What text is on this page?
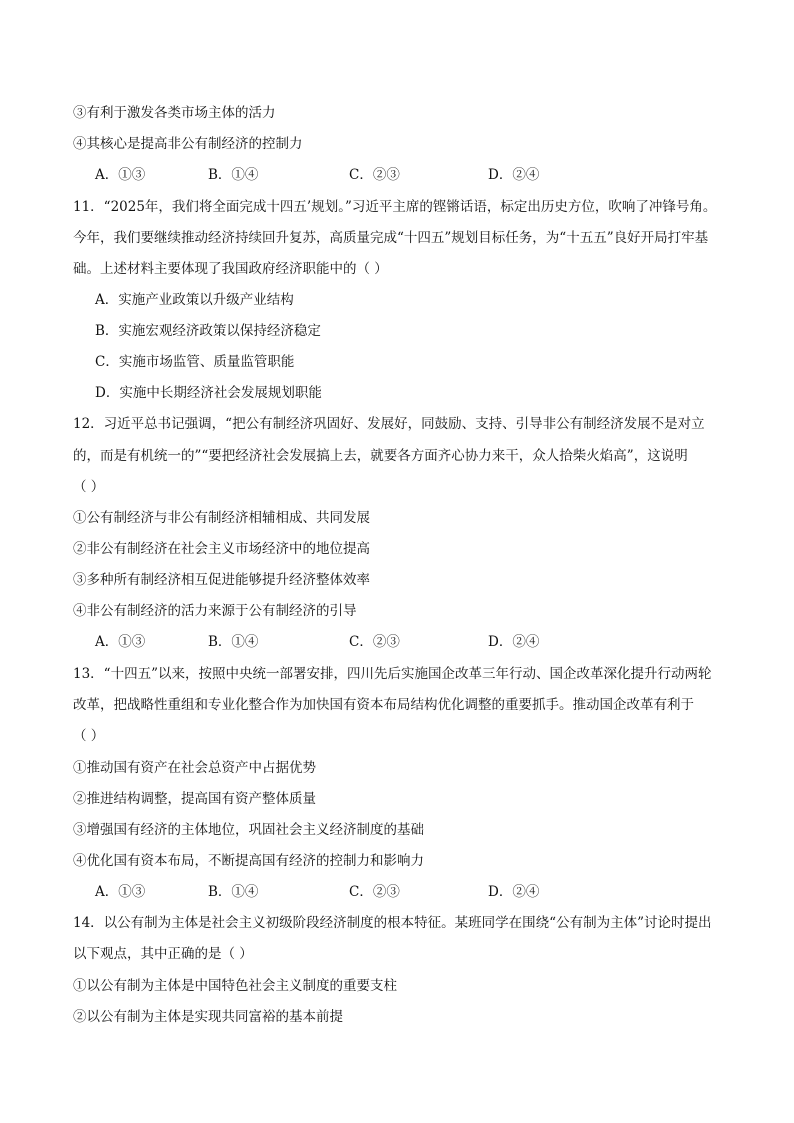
③有利于激发各类市场主体的活力
④其核心是提高非公有制经济的控制力
A．①③	B．①④	C．②③	D．②④
11．“2025年，我们将全面完成十四五’规划。”习近平主席的铿锵话语，标定出历史方位，吹响了冲锋号角。
今年，我们要继续推动经济持续回升复苏，高质量完成“十四五”规划目标任务，为“十五五”良好开局打牢基
础。上述材料主要体现了我国政府经济职能中的（ ）
A．实施产业政策以升级产业结构
B．实施宏观经济政策以保持经济稳定
C．实施市场监管、质量监管职能
D．实施中长期经济社会发展规划职能
12．习近平总书记强调，“把公有制经济巩固好、发展好，同鼓励、支持、引导非公有制经济发展不是对立
的，而是有机统一的”“要把经济社会发展搞上去，就要各方面齐心协力来干，众人拾柴火焰高”，这说明
（ ）
①公有制经济与非公有制经济相辅相成、共同发展
②非公有制经济在社会主义市场经济中的地位提高
③多种所有制经济相互促进能够提升经济整体效率
④非公有制经济的活力来源于公有制经济的引导
A．①③	B．①④	C．②③	D．②④
13．“十四五”以来，按照中央统一部署安排，四川先后实施国企改革三年行动、国企改革深化提升行动两轮
改革，把战略性重组和专业化整合作为加快国有资本布局结构优化调整的重要抓手。推动国企改革有利于
（ ）
①推动国有资产在社会总资产中占据优势
②推进结构调整，提高国有资产整体质量
③增强国有经济的主体地位，巩固社会主义经济制度的基础
④优化国有资本布局，不断提高国有经济的控制力和影响力
A．①③	B．①④	C．②③	D．②④
14．以公有制为主体是社会主义初级阶段经济制度的根本特征。某班同学在围绕“公有制为主体”讨论时提出
以下观点，其中正确的是（ ）
①以公有制为主体是中国特色社会主义制度的重要支柱
②以公有制为主体是实现共同富裕的基本前提
